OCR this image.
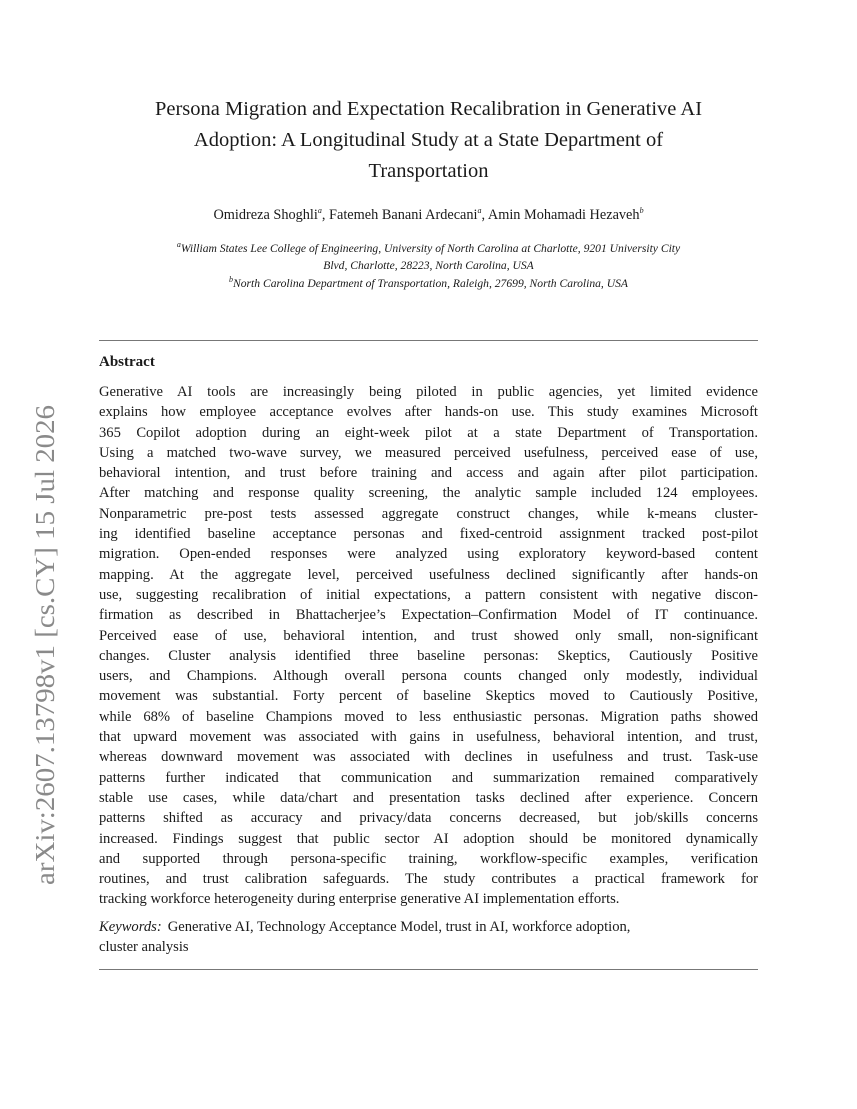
arXiv:2607.13798v1 [cs.CY] 15 Jul 2026
Persona Migration and Expectation Recalibration in Generative AI
Adoption: A Longitudinal Study at a State Department of
Transportation
Omidreza Shoghli$^a$, Fatemeh Banani Ardecani$^a$, Amin Mohamadi Hezaveh$^b$
$^a$William States Lee College of Engineering, University of North Carolina at Charlotte, 9201 University City
Blvd, Charlotte, 28223, North Carolina, USA
$^b$North Carolina Department of Transportation, Raleigh, 27699, North Carolina, USA
Abstract
Generative AI tools are increasingly being piloted in public agencies, yet limited evidence
explains how employee acceptance evolves after hands-on use. This study examines Microsoft
365 Copilot adoption during an eight-week pilot at a state Department of Transportation.
Using a matched two-wave survey, we measured perceived usefulness, perceived ease of use,
behavioral intention, and trust before training and access and again after pilot participation.
After matching and response quality screening, the analytic sample included 124 employees.
Nonparametric pre-post tests assessed aggregate construct changes, while k-means cluster-
ing identified baseline acceptance personas and fixed-centroid assignment tracked post-pilot
migration. Open-ended responses were analyzed using exploratory keyword-based content
mapping. At the aggregate level, perceived usefulness declined significantly after hands-on
use, suggesting recalibration of initial expectations, a pattern consistent with negative discon-
firmation as described in Bhattacherjee’s Expectation–Confirmation Model of IT continuance.
Perceived ease of use, behavioral intention, and trust showed only small, non-significant
changes. Cluster analysis identified three baseline personas: Skeptics, Cautiously Positive
users, and Champions. Although overall persona counts changed only modestly, individual
movement was substantial. Forty percent of baseline Skeptics moved to Cautiously Positive,
while 68% of baseline Champions moved to less enthusiastic personas. Migration paths showed
that upward movement was associated with gains in usefulness, behavioral intention, and trust,
whereas downward movement was associated with declines in usefulness and trust. Task-use
patterns further indicated that communication and summarization remained comparatively
stable use cases, while data/chart and presentation tasks declined after experience. Concern
patterns shifted as accuracy and privacy/data concerns decreased, but job/skills concerns
increased. Findings suggest that public sector AI adoption should be monitored dynamically
and supported through persona-specific training, workflow-specific examples, verification
routines, and trust calibration safeguards. The study contributes a practical framework for
tracking workforce heterogeneity during enterprise generative AI implementation efforts.
Keywords: Generative AI, Technology Acceptance Model, trust in AI, workforce adoption,
cluster analysis
